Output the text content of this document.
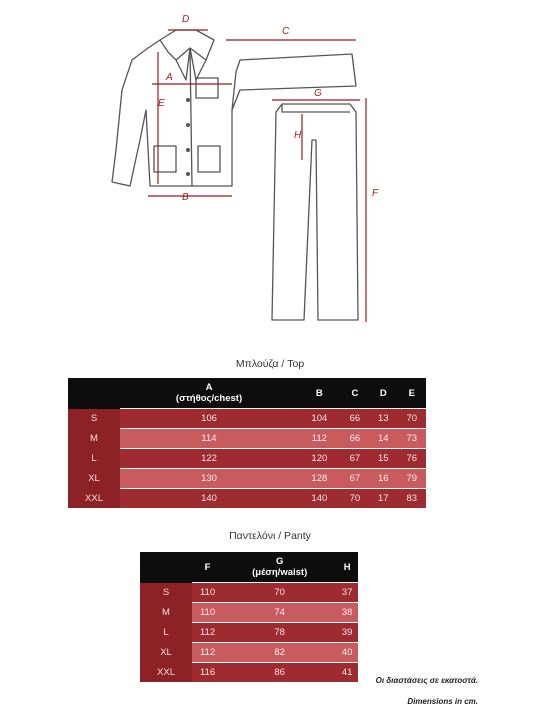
D
C
A
E
B
G
H
F
Μπλούζα / Top
	A
(στήθος/chest)	B	C	D	E
S	106	104	66	13	70
M	114	112	66	14	73
L	122	120	67	15	76
XL	130	128	67	16	79
XXL	140	140	70	17	83
Παντελόνι / Panty
	F	G
(μέση/waist)	H
S	110	70	37
M	110	74	38
L	112	78	39
XL	112	82	40
XXL	116	86	41
Οι διαστάσεις σε εκατοστά.
Dimensions in cm.
